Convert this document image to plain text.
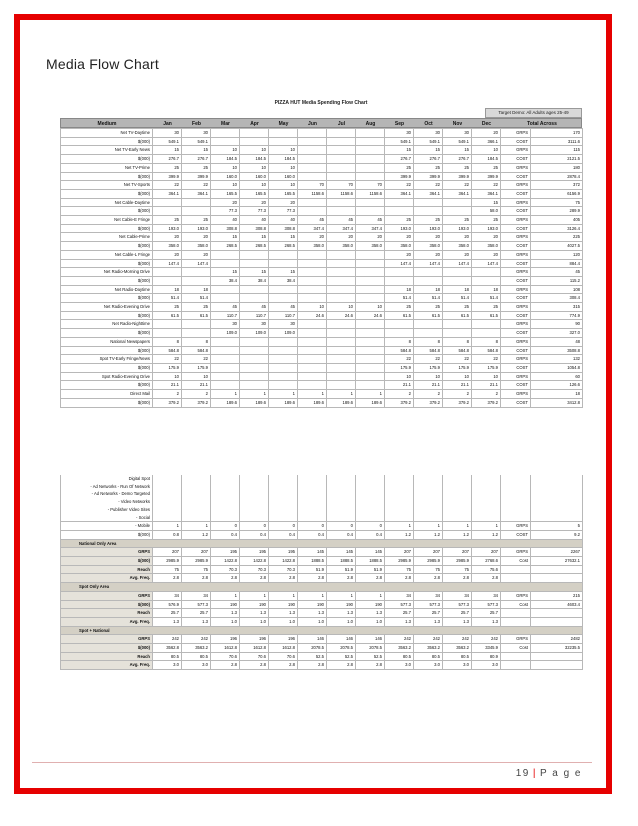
Media Flow Chart
PIZZA HUT Media Spending Flow Chart
Target Demo: All Adults ages 25-49
Medium	Jan	Feb	Mar	Apr	May	Jun	Jul	Aug	Sep	Oct	Nov	Dec	Total Across
Net TV-Daytime	30	30							30	30	30	20	GRPS	170
$(000)	549.1	549.1							549.1	549.1	549.1	366.1	COST	3111.6
Net TV-Early News	15	15	10	10	10				15	15	15	10	GRPS	115
$(000)	276.7	276.7	184.5	184.5	184.5				276.7	276.7	276.7	184.5	COST	2121.5
Net TV-Prime	25	25	10	10	10				25	25	25	25	GRPS	180
$(000)	399.9	399.9	160.0	160.0	160.0				399.9	399.9	399.9	399.9	COST	2878.4
Net TV-Sports	22	22	10	10	10	70	70	70	22	22	22	22	GRPS	372
$(000)	364.1	364.1	165.5	165.5	165.5	1158.6	1158.6	1158.6	364.1	364.1	364.1	364.1	COST	6156.9
Net Cable-Daytime			20	20	20							15	GRPS	75
$(000)			77.3	77.3	77.3							58.0	COST	289.9
Net Cable-E Fringe	25	25	40	40	40	45	45	45	25	25	25	25	GRPS	405
$(000)	193.0	193.0	308.8	308.8	308.8	347.4	347.4	347.4	193.0	193.0	193.0	193.0	COST	3126.4
Net Cable-Prime	20	20	15	15	15	20	20	20	20	20	20	20	GRPS	225
$(000)	358.0	358.0	268.5	268.5	268.5	358.0	358.0	358.0	358.0	358.0	358.0	358.0	COST	4027.5
Net Cable-L Fringe	20	20							20	20	20	20	GRPS	120
$(000)	147.4	147.4							147.4	147.4	147.4	147.4	COST	884.4
Net Radio-Morning Drive			15	15	15								GRPS	45
$(000)			38.4	38.4	38.4								COST	115.2
Net Radio-Daytime	18	18							18	18	18	18	GRPS	108
$(000)	51.4	51.4							51.4	51.4	51.4	51.4	COST	308.4
Net Radio-Evening Drive	25	25	45	45	45	10	10	10	25	25	25	25	GRPS	315
$(000)	61.5	61.5	110.7	110.7	110.7	24.6	24.6	24.6	61.5	61.5	61.5	61.5	COST	774.9
Net Radio-Nighttime			30	30	30								GRPS	90
$(000)			109.0	109.0	109.0								COST	327.0
National Newspapers	8	8							8	8	8	8	GRPS	48
$(000)	584.8	584.8							584.8	584.8	584.8	584.8	COST	3508.8
Spot TV-Early Fringe/News	22	22							22	22	22	22	GRPS	132
$(000)	175.9	175.9							175.9	175.9	175.9	175.9	COST	1054.8
Spot Radio-Evening Drive	10	10							10	10	10	10	GRPS	60
$(000)	21.1	21.1							21.1	21.1	21.1	21.1	COST	126.6
Direct Mail	2	2	1	1	1	1	1	1	2	2	2	2	GRPS	18
$(000)	379.2	379.2	189.6	189.6	189.6	189.6	189.6	189.6	379.2	379.2	379.2	379.2	COST	3412.8
Digital Spot														
- Ad Networks - Run Of Network														
- Ad Networks - Demo Targeted														
- Video Networks														
- Publisher Video Sites														
- Social														
- Mobile	1	1	0	0	0	0	0	0	1	1	1	1	GRPS	5
$(000)	0.8	1.2	0.4	0.4	0.4	0.4	0.4	0.4	1.2	1.2	1.2	1.2	COST	9.2
National Only Area														
GRPS	207	207	195	195	195	145	145	145	207	207	207	207	GRPS	2267
$(000)	2985.9	2985.9	1422.8	1422.8	1422.8	1888.5	1888.5	1888.5	2985.9	2985.9	2985.9	2768.6	Cost	27632.1
Reach	75	75	70.3	70.3	70.3	51.9	51.9	51.9	75	75	75	75.6		
Avg. Freq.	2.8	2.8	2.8	2.8	2.8	2.8	2.8	2.8	2.8	2.8	2.8	2.8		
Spot Only Area														
GRPS	34	34	1	1	1	1	1	1	34	34	34	34	GRPS	215
$(000)	576.9	577.3	190	190	190	190	190	190	577.3	577.3	577.3	577.3	Cost	4603.4
Reach	25.7	25.7	1.3	1.3	1.3	1.3	1.3	1.3	25.7	25.7	25.7	25.7		
Avg. Freq.	1.3	1.3	1.0	1.0	1.0	1.0	1.0	1.0	1.3	1.3	1.3	1.3		
Spot + National														
GRPS	242	242	196	196	196	146	146	146	242	242	242	242	GRPS	2482
$(000)	3562.8	3563.2	1612.8	1612.8	1612.8	2078.5	2078.5	2078.5	3563.2	3563.2	3563.2	3345.9	Cost	32235.5
Reach	80.5	80.5	70.6	70.6	70.6	52.5	52.5	52.5	80.5	80.5	80.5	80.9		
Avg. Freq.	3.0	3.0	2.8	2.8	2.8	2.8	2.8	2.8	3.0	3.0	3.0	3.0		
19 | P a g e
